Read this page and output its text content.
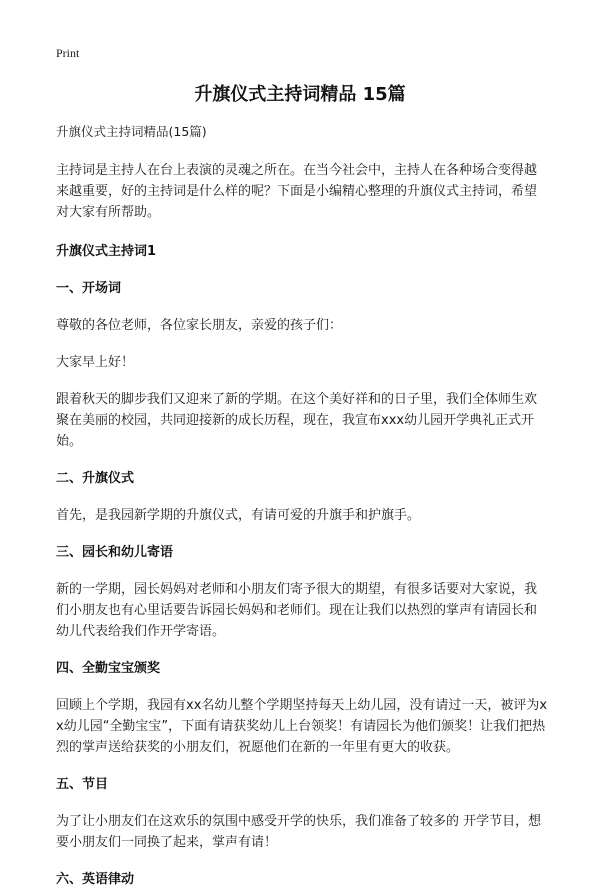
Print

升旗仪式主持词精品 15篇

升旗仪式主持词精品(15篇)

主持词是主持人在台上表演的灵魂之所在。在当今社会中，主持人在各种场合变得越来越重要，好的主持词是什么样的呢？下面是小编精心整理的升旗仪式主持词，希望对大家有所帮助。

升旗仪式主持词1

一、开场词

尊敬的各位老师，各位家长朋友，亲爱的孩子们：

大家早上好！

跟着秋天的脚步我们又迎来了新的学期。在这个美好祥和的日子里，我们全体师生欢聚在美丽的校园，共同迎接新的成长历程，现在，我宣布xxx幼儿园开学典礼正式开始。

二、升旗仪式

首先，是我园新学期的升旗仪式，有请可爱的升旗手和护旗手。

三、园长和幼儿寄语

新的一学期，园长妈妈对老师和小朋友们寄予很大的期望，有很多话要对大家说，我们小朋友也有心里话要告诉园长妈妈和老师们。现在让我们以热烈的掌声有请园长和幼儿代表给我们作开学寄语。

四、全勤宝宝颁奖

回顾上个学期，我园有xx名幼儿整个学期坚持每天上幼儿园，没有请过一天，被评为xx幼儿园“全勤宝宝”，下面有请获奖幼儿上台领奖！有请园长为他们颁奖！让我们把热烈的掌声送给获奖的小朋友们，祝愿他们在新的一年里有更大的收获。

五、节目

为了让小朋友们在这欢乐的氛围中感受开学的快乐，我们准备了较多的 开学节目，想要小朋友们一同换了起来，掌声有请！

六、英语律动
